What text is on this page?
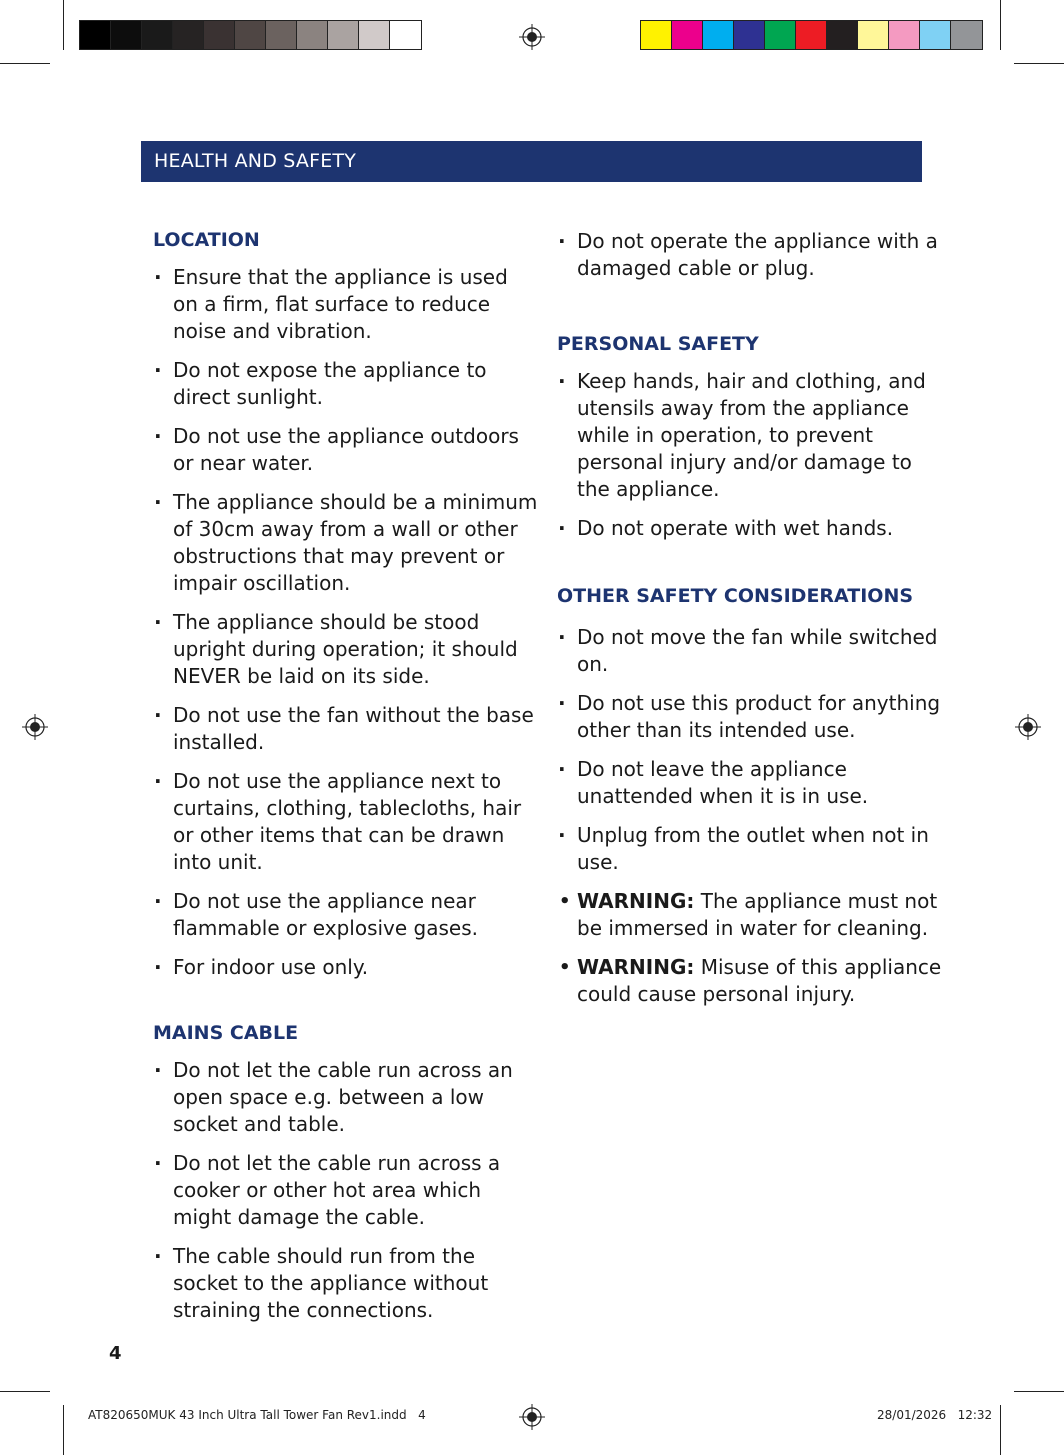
HEALTH AND SAFETY
LOCATION
· Ensure that the appliance is used on a firm, flat surface to reduce noise and vibration.
· Do not expose the appliance to direct sunlight.
· Do not use the appliance outdoors or near water.
· The appliance should be a minimum of 30cm away from a wall or other obstructions that may prevent or impair oscillation.
· The appliance should be stood upright during operation; it should NEVER be laid on its side.
· Do not use the fan without the base installed.
· Do not use the appliance next to curtains, clothing, tablecloths, hair or other items that can be drawn into unit.
· Do not use the appliance near flammable or explosive gases.
· For indoor use only.
MAINS CABLE
· Do not let the cable run across an open space e.g. between a low socket and table.
· Do not let the cable run across a cooker or other hot area which might damage the cable.
· The cable should run from the socket to the appliance without straining the connections.
· Do not operate the appliance with a damaged cable or plug.
PERSONAL SAFETY
· Keep hands, hair and clothing, and utensils away from the appliance while in operation, to prevent personal injury and/or damage to the appliance.
· Do not operate with wet hands.
OTHER SAFETY CONSIDERATIONS
· Do not move the fan while switched on.
· Do not use this product for anything other than its intended use.
· Do not leave the appliance unattended when it is in use.
· Unplug from the outlet when not in use.
• WARNING: The appliance must not be immersed in water for cleaning.
• WARNING: Misuse of this appliance could cause personal injury.
4
AT820650MUK 43 Inch Ultra Tall Tower Fan Rev1.indd   4	28/01/2026   12:32
